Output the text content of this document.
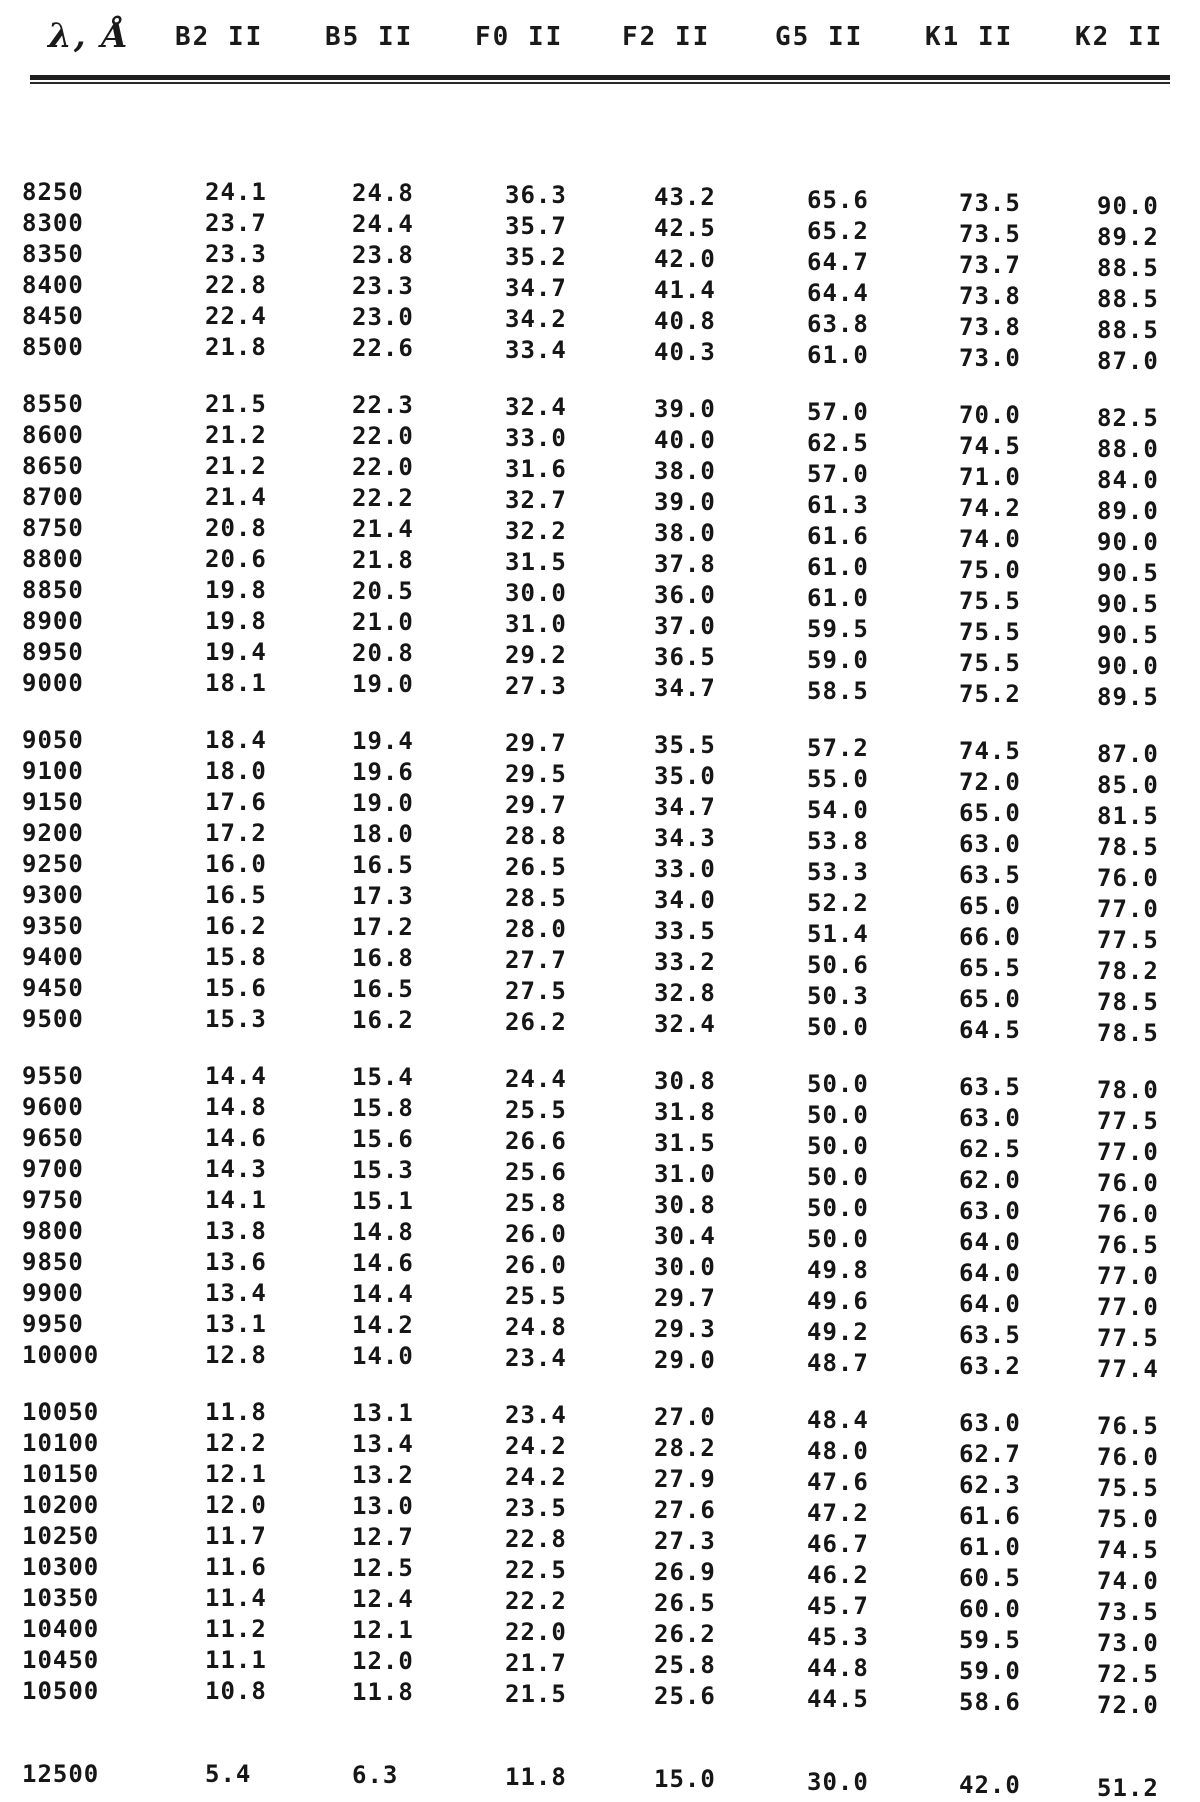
λ, Å B2 II B5 II F0 II F2 II G5 II K1 II K2 II
8250	24.1	24.8	36.3	43.2	65.6	73.5	90.0
8300	23.7	24.4	35.7	42.5	65.2	73.5	89.2
8350	23.3	23.8	35.2	42.0	64.7	73.7	88.5
8400	22.8	23.3	34.7	41.4	64.4	73.8	88.5
8450	22.4	23.0	34.2	40.8	63.8	73.8	88.5
8500	21.8	22.6	33.4	40.3	61.0	73.0	87.0
8550	21.5	22.3	32.4	39.0	57.0	70.0	82.5
8600	21.2	22.0	33.0	40.0	62.5	74.5	88.0
8650	21.2	22.0	31.6	38.0	57.0	71.0	84.0
8700	21.4	22.2	32.7	39.0	61.3	74.2	89.0
8750	20.8	21.4	32.2	38.0	61.6	74.0	90.0
8800	20.6	21.8	31.5	37.8	61.0	75.0	90.5
8850	19.8	20.5	30.0	36.0	61.0	75.5	90.5
8900	19.8	21.0	31.0	37.0	59.5	75.5	90.5
8950	19.4	20.8	29.2	36.5	59.0	75.5	90.0
9000	18.1	19.0	27.3	34.7	58.5	75.2	89.5
9050	18.4	19.4	29.7	35.5	57.2	74.5	87.0
9100	18.0	19.6	29.5	35.0	55.0	72.0	85.0
9150	17.6	19.0	29.7	34.7	54.0	65.0	81.5
9200	17.2	18.0	28.8	34.3	53.8	63.0	78.5
9250	16.0	16.5	26.5	33.0	53.3	63.5	76.0
9300	16.5	17.3	28.5	34.0	52.2	65.0	77.0
9350	16.2	17.2	28.0	33.5	51.4	66.0	77.5
9400	15.8	16.8	27.7	33.2	50.6	65.5	78.2
9450	15.6	16.5	27.5	32.8	50.3	65.0	78.5
9500	15.3	16.2	26.2	32.4	50.0	64.5	78.5
9550	14.4	15.4	24.4	30.8	50.0	63.5	78.0
9600	14.8	15.8	25.5	31.8	50.0	63.0	77.5
9650	14.6	15.6	26.6	31.5	50.0	62.5	77.0
9700	14.3	15.3	25.6	31.0	50.0	62.0	76.0
9750	14.1	15.1	25.8	30.8	50.0	63.0	76.0
9800	13.8	14.8	26.0	30.4	50.0	64.0	76.5
9850	13.6	14.6	26.0	30.0	49.8	64.0	77.0
9900	13.4	14.4	25.5	29.7	49.6	64.0	77.0
9950	13.1	14.2	24.8	29.3	49.2	63.5	77.5
10000	12.8	14.0	23.4	29.0	48.7	63.2	77.4
10050	11.8	13.1	23.4	27.0	48.4	63.0	76.5
10100	12.2	13.4	24.2	28.2	48.0	62.7	76.0
10150	12.1	13.2	24.2	27.9	47.6	62.3	75.5
10200	12.0	13.0	23.5	27.6	47.2	61.6	75.0
10250	11.7	12.7	22.8	27.3	46.7	61.0	74.5
10300	11.6	12.5	22.5	26.9	46.2	60.5	74.0
10350	11.4	12.4	22.2	26.5	45.7	60.0	73.5
10400	11.2	12.1	22.0	26.2	45.3	59.5	73.0
10450	11.1	12.0	21.7	25.8	44.8	59.0	72.5
10500	10.8	11.8	21.5	25.6	44.5	58.6	72.0
12500	5.4	6.3	11.8	15.0	30.0	42.0	51.2
